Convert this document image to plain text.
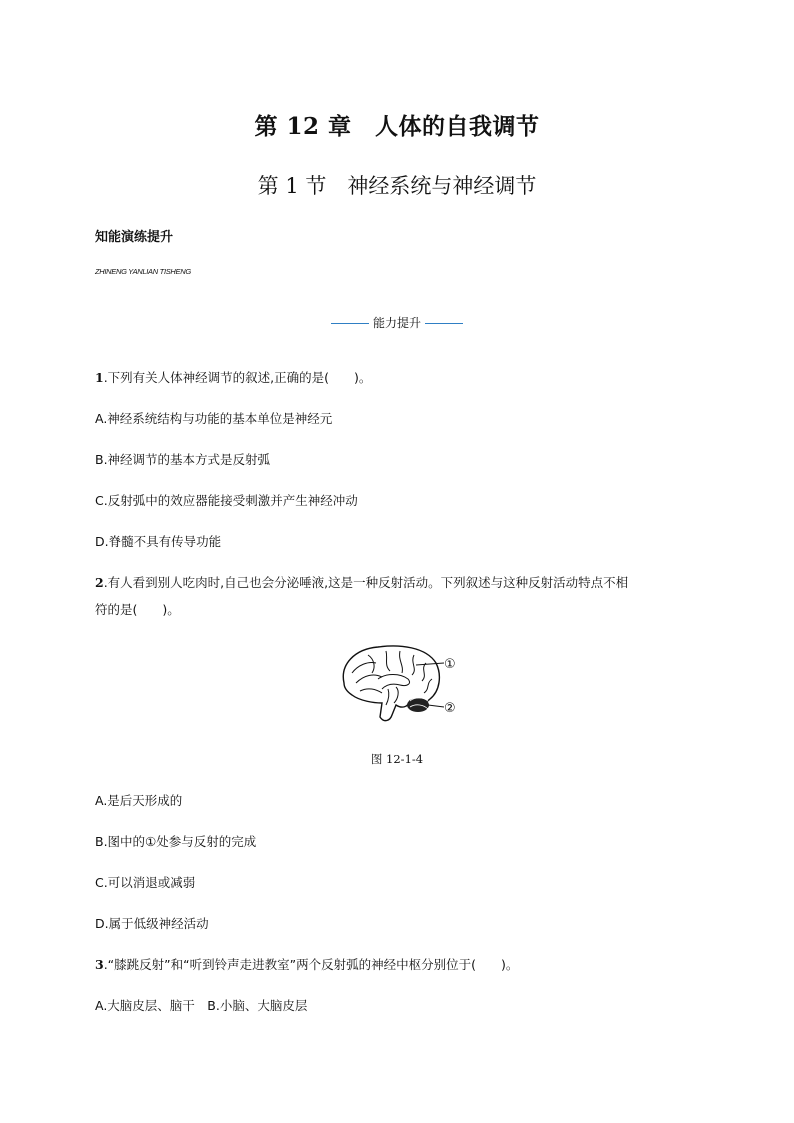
第 12 章　人体的自我调节
第 1 节　神经系统与神经调节
知能演练提升
ZHINENG YANLIAN TISHENG
能力提升
1.下列有关人体神经调节的叙述,正确的是(　　)。
A.神经系统结构与功能的基本单位是神经元
B.神经调节的基本方式是反射弧
C.反射弧中的效应器能接受刺激并产生神经冲动
D.脊髓不具有传导功能
2.有人看到别人吃肉时,自己也会分泌唾液,这是一种反射活动。下列叙述与这种反射活动特点不相
符的是(　　)。
①
②
图 12-1-4
A.是后天形成的
B.图中的①处参与反射的完成
C.可以消退或减弱
D.属于低级神经活动
3.“膝跳反射”和“听到铃声走进教室”两个反射弧的神经中枢分别位于(　　)。
A.大脑皮层、脑干　B.小脑、大脑皮层
